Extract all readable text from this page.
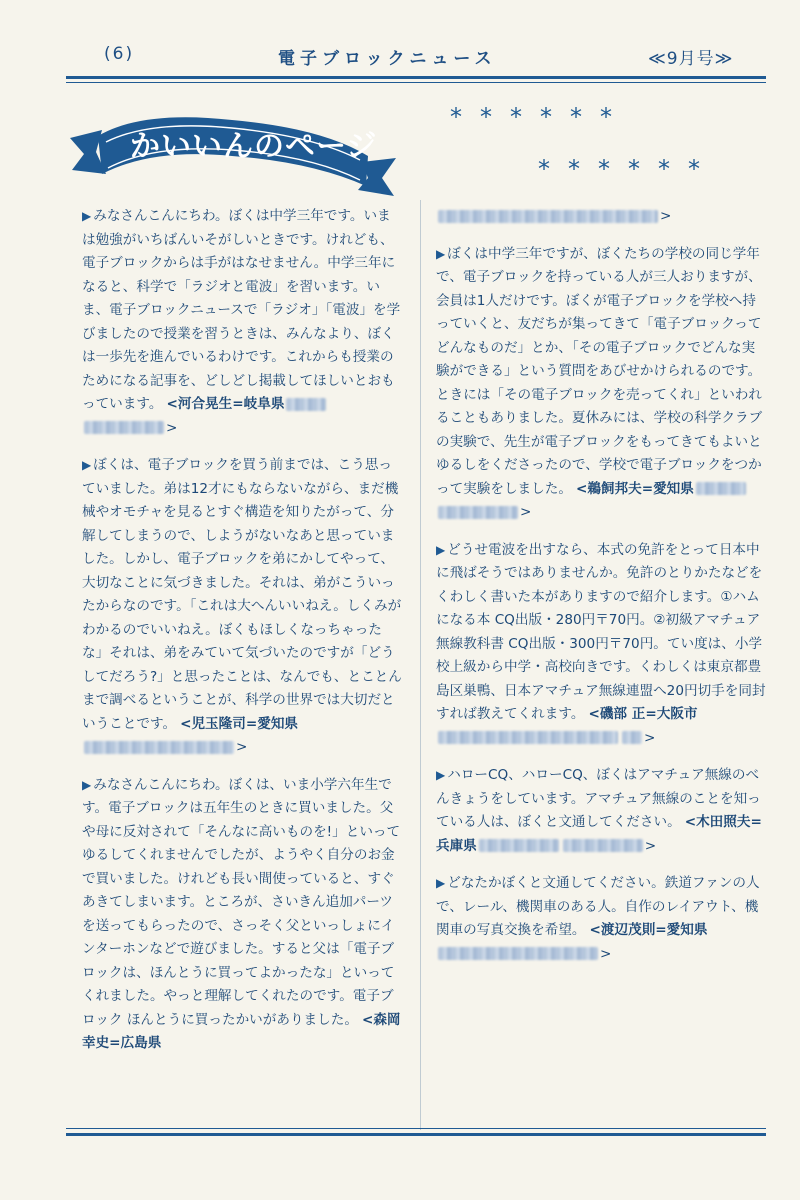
(6)	電子ブロックニュース	≪9月号≫
かいいんのページ
******
******
▶ みなさんこんにちわ。ぼくは中学三年です。いまは勉強がいちばんいそがしいときです。けれども、電子ブロックからは手がはなせません。中学三年になると、科学で「ラジオと電波」を習います。いま、電子ブロックニュースで「ラジオ」「電波」を学びましたので授業を習うときは、みんなより、ぼくは一歩先を進んでいるわけです。これからも授業のためになる記事を、どしどし掲載してほしいとおもっています。 <河合晃生=岐阜県>
▶ ぼくは、電子ブロックを買う前までは、こう思っていました。弟は12才にもならないながら、まだ機械やオモチャを見るとすぐ構造を知りたがって、分解してしまうので、しようがないなあと思っていました。しかし、電子ブロックを弟にかしてやって、大切なことに気づきました。それは、弟がこういったからなのです。「これは大へんいいねえ。しくみがわかるのでいいねえ。ぼくもほしくなっちゃったな」それは、弟をみていて気づいたのですが「どうしてだろう?」と思ったことは、なんでも、とことんまで調べるということが、科学の世界では大切だということです。 <児玉隆司=愛知県>
▶ みなさんこんにちわ。ぼくは、いま小学六年生です。電子ブロックは五年生のときに買いました。父や母に反対されて「そんなに高いものを!」といってゆるしてくれませんでしたが、ようやく自分のお金で買いました。けれども長い間使っていると、すぐあきてしまいます。ところが、さいきん追加パーツを送ってもらったので、さっそく父といっしょにインターホンなどで遊びました。すると父は「電子ブロックは、ほんとうに買ってよかったな」といってくれました。やっと理解してくれたのです。電子ブロック ほんとうに買ったかいがありました。 <森岡幸史=広島県
>
▶ ぼくは中学三年ですが、ぼくたちの学校の同じ学年で、電子ブロックを持っている人が三人おりますが、会員は1人だけです。ぼくが電子ブロックを学校へ持っていくと、友だちが集ってきて「電子ブロックってどんなものだ」とか、「その電子ブロックでどんな実験ができる」という質問をあびせかけられるのです。ときには「その電子ブロックを売ってくれ」といわれることもありました。夏休みには、学校の科学クラブの実験で、先生が電子ブロックをもってきてもよいとゆるしをくださったので、学校で電子ブロックをつかって実験をしました。 <鵜飼邦夫=愛知県>
▶ どうせ電波を出すなら、本式の免許をとって日本中に飛ばそうではありませんか。免許のとりかたなどをくわしく書いた本がありますので紹介します。①ハムになる本 CQ出版・280円〒70円。②初級アマチュア無線教科書 CQ出版・300円〒70円。てい度は、小学校上級から中学・高校向きです。くわしくは東京都豊島区巣鴨、日本アマチュア無線連盟へ20円切手を同封すれば教えてくれます。 <磯部 正=大阪市>
▶ ハローCQ、ハローCQ、ぼくはアマチュア無線のべんきょうをしています。アマチュア無線のことを知っている人は、ぼくと文通してください。 <木田照夫=兵庫県	>
▶ どなたかぼくと文通してください。鉄道ファンの人で、レール、機関車のある人。自作のレイアウト、機関車の写真交換を希望。 <渡辺茂則=愛知県>
